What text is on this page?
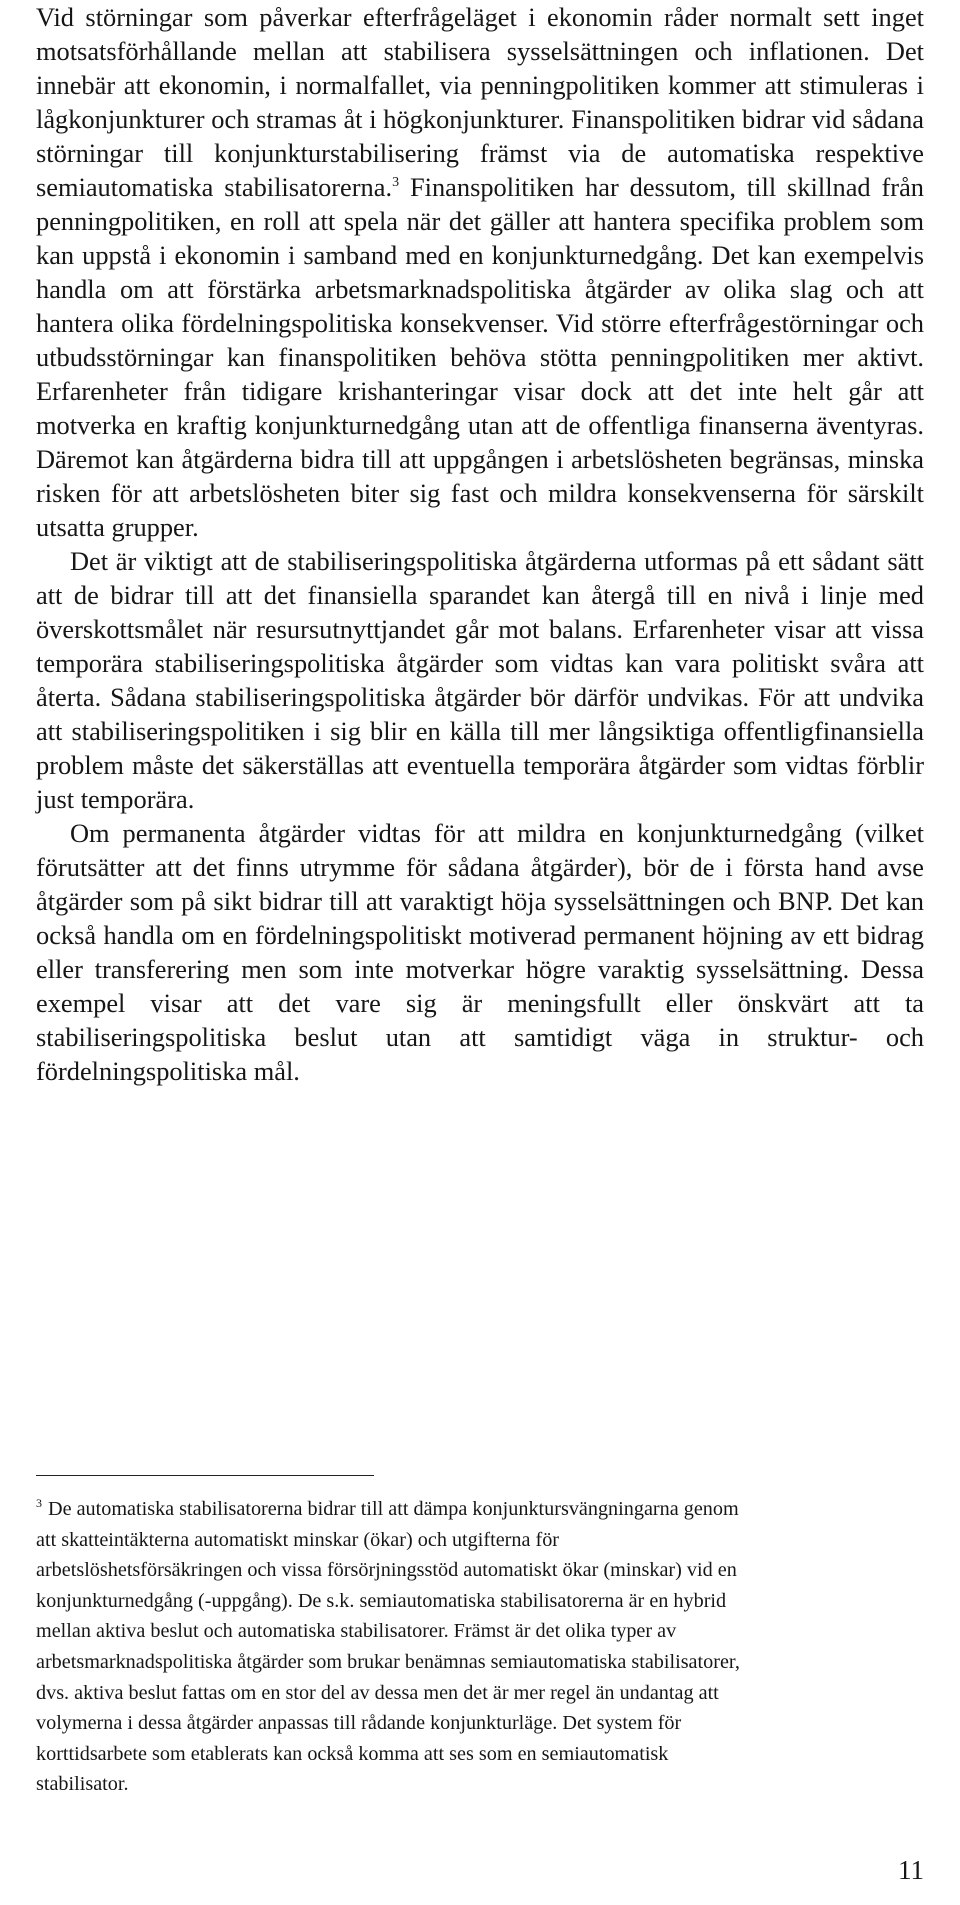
Vid störningar som påverkar efterfrågeläget i ekonomin råder normalt sett inget motsatsförhållande mellan att stabilisera sysselsättningen och inflationen. Det innebär att ekonomin, i normalfallet, via penningpolitiken kommer att stimuleras i lågkonjunkturer och stramas åt i högkonjunkturer. Finanspolitiken bidrar vid sådana störningar till konjunkturstabilisering främst via de automatiska respektive semiautomatiska stabilisatorerna.$^3$ Finanspolitiken har dessutom, till skillnad från penningpolitiken, en roll att spela när det gäller att hantera specifika problem som kan uppstå i ekonomin i samband med en konjunkturnedgång. Det kan exempelvis handla om att förstärka arbetsmarknadspolitiska åtgärder av olika slag och att hantera olika fördelningspolitiska konsekvenser. Vid större efterfrågestörningar och utbudsstörningar kan finanspolitiken behöva stötta penningpolitiken mer aktivt. Erfarenheter från tidigare krishanteringar visar dock att det inte helt går att motverka en kraftig konjunkturnedgång utan att de offentliga finanserna äventyras. Däremot kan åtgärderna bidra till att uppgången i arbetslösheten begränsas, minska risken för att arbetslösheten biter sig fast och mildra konsekvenserna för särskilt utsatta grupper.

Det är viktigt att de stabiliseringspolitiska åtgärderna utformas på ett sådant sätt att de bidrar till att det finansiella sparandet kan återgå till en nivå i linje med överskottsmålet när resursutnyttjandet går mot balans. Erfarenheter visar att vissa temporära stabiliseringspolitiska åtgärder som vidtas kan vara politiskt svåra att återta. Sådana stabiliseringspolitiska åtgärder bör därför undvikas. För att undvika att stabiliseringspolitiken i sig blir en källa till mer långsiktiga offentligfinansiella problem måste det säkerställas att eventuella temporära åtgärder som vidtas förblir just temporära.

Om permanenta åtgärder vidtas för att mildra en konjunkturnedgång (vilket förutsätter att det finns utrymme för sådana åtgärder), bör de i första hand avse åtgärder som på sikt bidrar till att varaktigt höja sysselsättningen och BNP. Det kan också handla om en fördelningspolitiskt motiverad permanent höjning av ett bidrag eller transferering men som inte motverkar högre varaktig sysselsättning. Dessa exempel visar att det vare sig är meningsfullt eller önskvärt att ta stabiliseringspolitiska beslut utan att samtidigt väga in struktur- och fördelningspolitiska mål.

$^3$ De automatiska stabilisatorerna bidrar till att dämpa konjunktursvängningarna genom

att skatteintäkterna automatiskt minskar (ökar) och utgifterna för

arbetslöshetsförsäkringen och vissa försörjningsstöd automatiskt ökar (minskar) vid en

konjunkturnedgång (-uppgång). De s.k. semiautomatiska stabilisatorerna är en hybrid

mellan aktiva beslut och automatiska stabilisatorer. Främst är det olika typer av

arbetsmarknadspolitiska åtgärder som brukar benämnas semiautomatiska stabilisatorer,

dvs. aktiva beslut fattas om en stor del av dessa men det är mer regel än undantag att

volymerna i dessa åtgärder anpassas till rådande konjunkturläge. Det system för

korttidsarbete som etablerats kan också komma att ses som en semiautomatisk

stabilisator.

11
